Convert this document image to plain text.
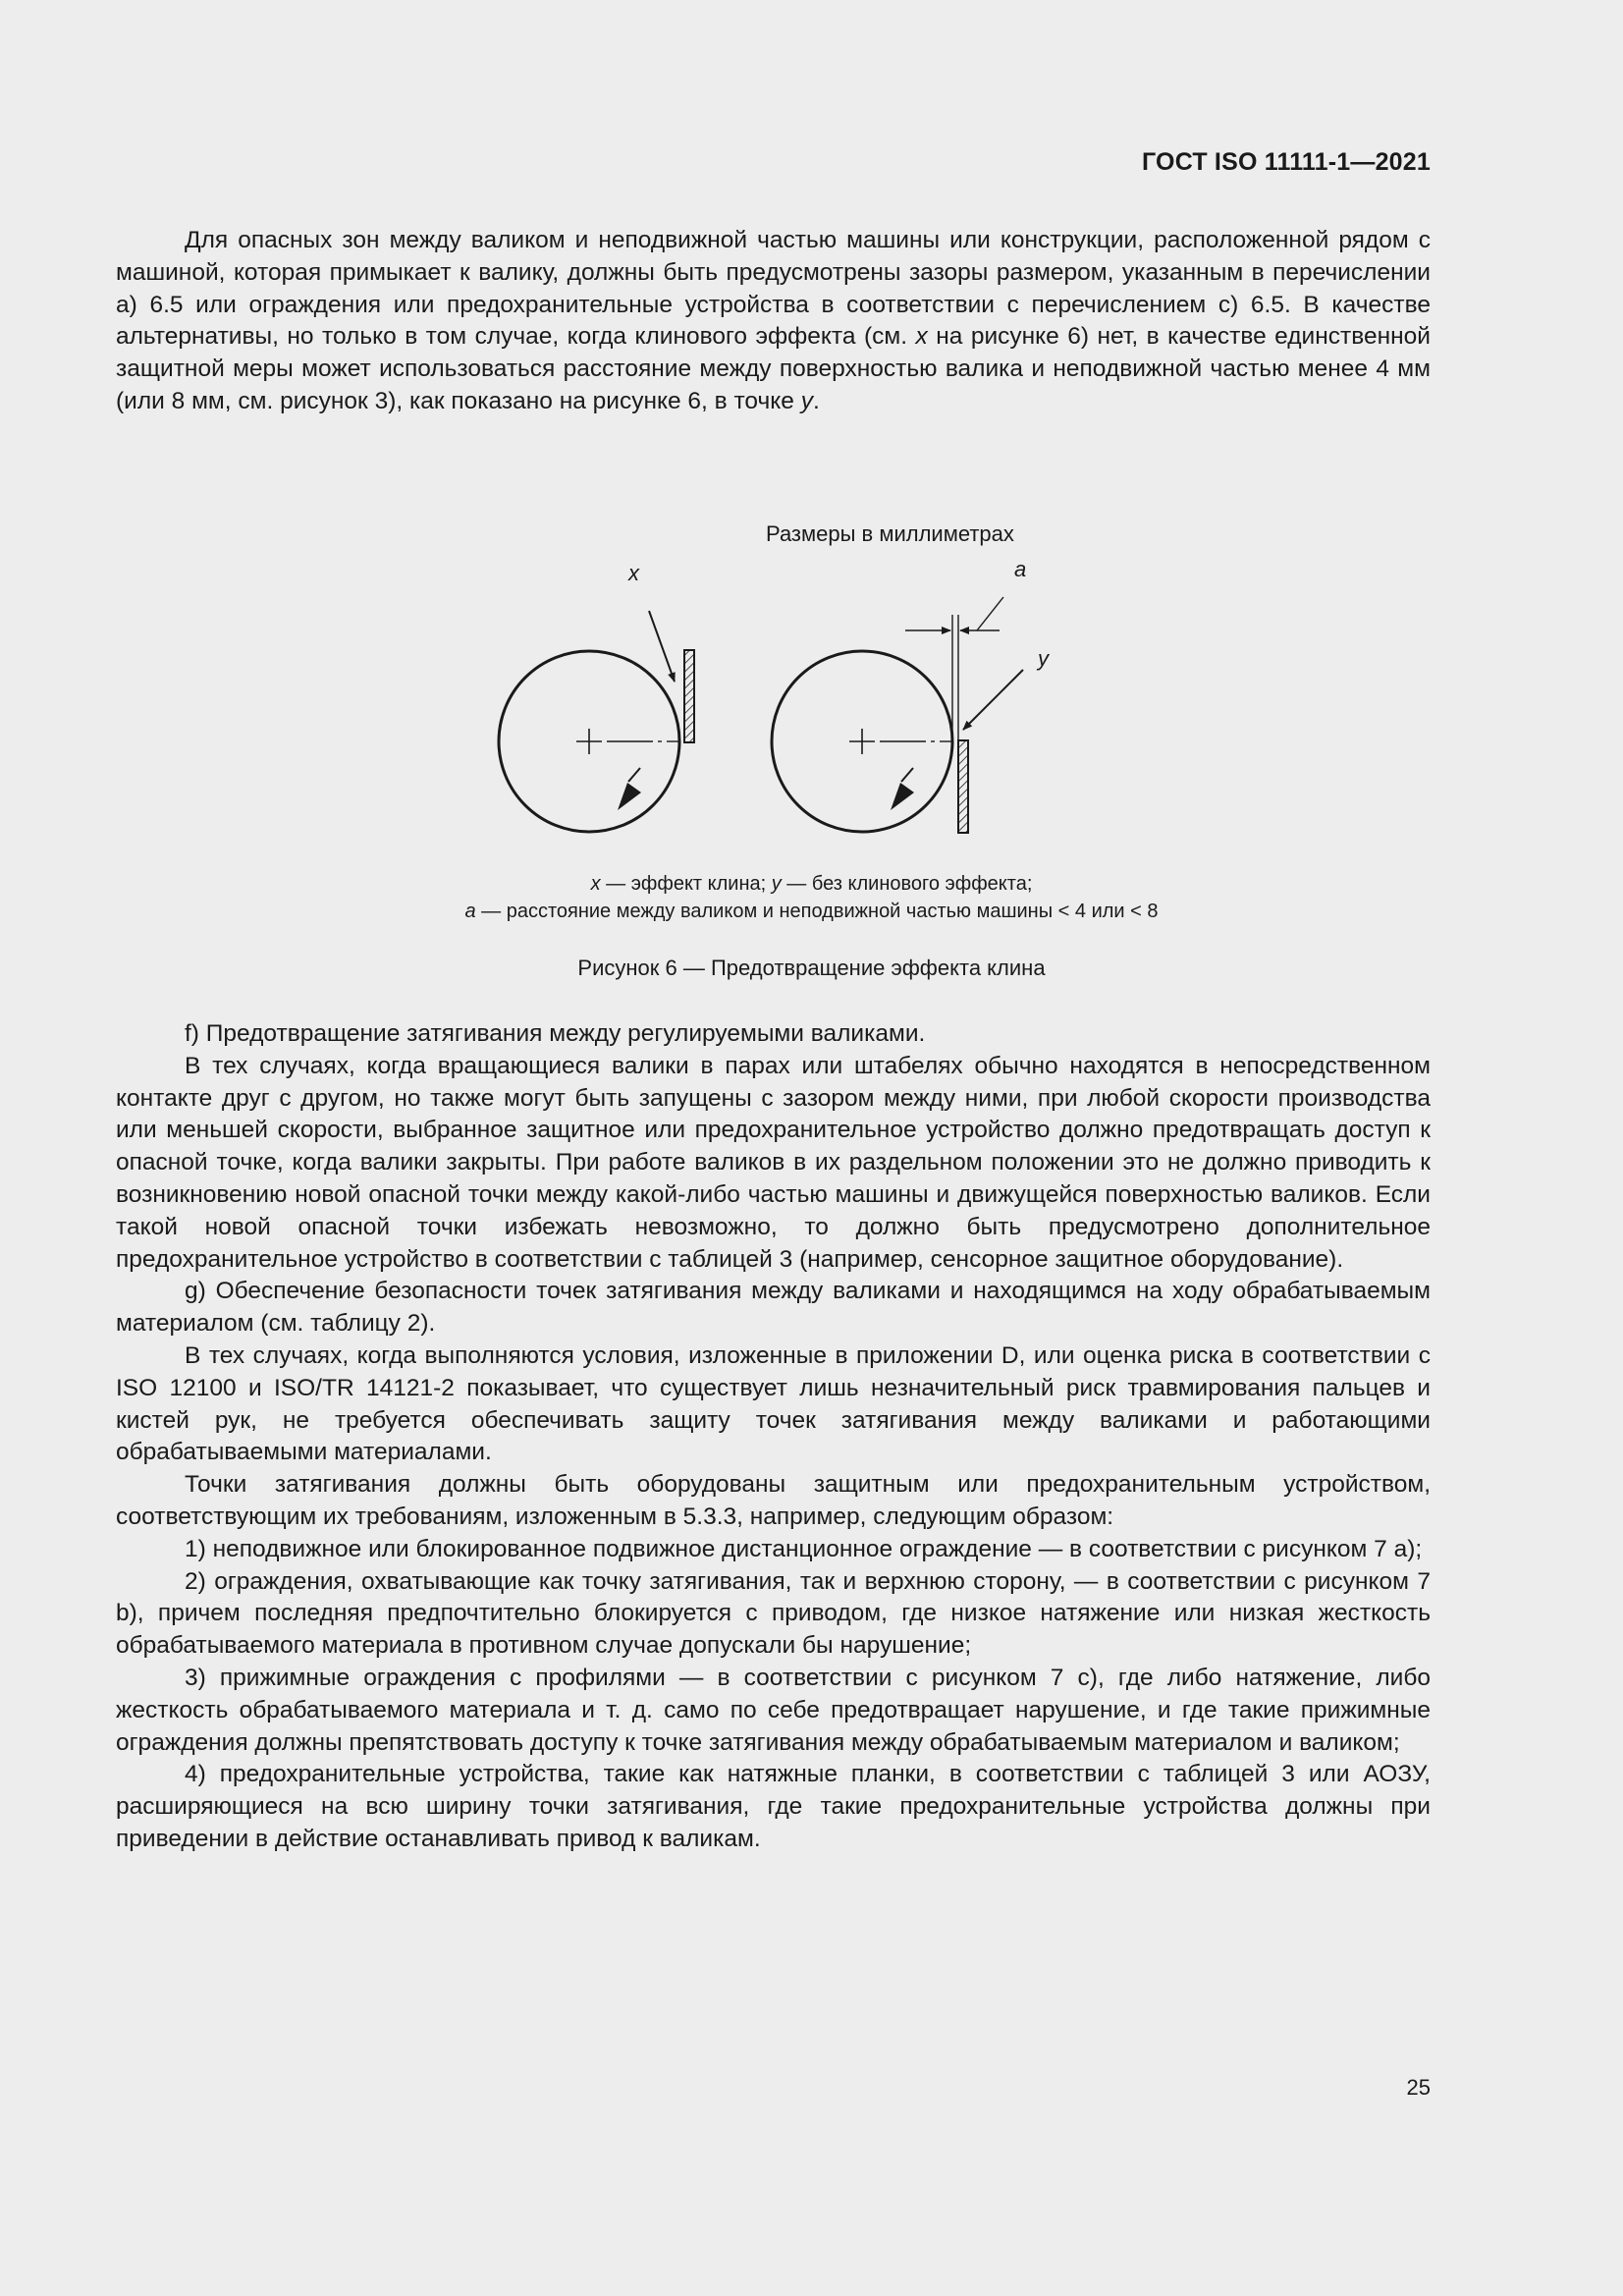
ГОСТ ISO 11111-1—2021

Для опасных зон между валиком и неподвижной частью машины или конструкции, расположенной рядом с машиной, которая примыкает к валику, должны быть предусмотрены зазоры размером, указанным в перечислении а) 6.5 или ограждения или предохранительные устройства в соответствии с перечислением с) 6.5. В качестве альтернативы, но только в том случае, когда клинового эффекта (см. x на рисунке 6) нет, в качестве единственной защитной меры может использоваться расстояние между поверхностью валика и неподвижной частью менее 4 мм (или 8 мм, см. рисунок 3), как показано на рисунке 6, в точке y.

Размеры в миллиметрах
x	a
y
x — эффект клина; y — без клинового эффекта;
a — расстояние между валиком и неподвижной частью машины < 4 или < 8
Рисунок 6 — Предотвращение эффекта клина

f) Предотвращение затягивания между регулируемыми валиками.

В тех случаях, когда вращающиеся валики в парах или штабелях обычно находятся в непосредственном контакте друг с другом, но также могут быть запущены с зазором между ними, при любой скорости производства или меньшей скорости, выбранное защитное или предохранительное устройство должно предотвращать доступ к опасной точке, когда валики закрыты. При работе валиков в их раздельном положении это не должно приводить к возникновению новой опасной точки между какой-либо частью машины и движущейся поверхностью валиков. Если такой новой опасной точки избежать невозможно, то должно быть предусмотрено дополнительное предохранительное устройство в соответствии с таблицей 3 (например, сенсорное защитное оборудование).

g) Обеспечение безопасности точек затягивания между валиками и находящимся на ходу обрабатываемым материалом (см. таблицу 2).

В тех случаях, когда выполняются условия, изложенные в приложении D, или оценка риска в соответствии с ISO 12100 и ISO/TR 14121-2 показывает, что существует лишь незначительный риск травмирования пальцев и кистей рук, не требуется обеспечивать защиту точек затягивания между валиками и работающими обрабатываемыми материалами.

Точки затягивания должны быть оборудованы защитным или предохранительным устройством, соответствующим их требованиям, изложенным в 5.3.3, например, следующим образом:

1) неподвижное или блокированное подвижное дистанционное ограждение — в соответствии с рисунком 7 а);

2) ограждения, охватывающие как точку затягивания, так и верхнюю сторону, — в соответствии с рисунком 7 b), причем последняя предпочтительно блокируется с приводом, где низкое натяжение или низкая жесткость обрабатываемого материала в противном случае допускали бы нарушение;

3) прижимные ограждения с профилями — в соответствии с рисунком 7 с), где либо натяжение, либо жесткость обрабатываемого материала и т. д. само по себе предотвращает нарушение, и где такие прижимные ограждения должны препятствовать доступу к точке затягивания между обрабатываемым материалом и валиком;

4) предохранительные устройства, такие как натяжные планки, в соответствии с таблицей 3 или АОЗУ, расширяющиеся на всю ширину точки затягивания, где такие предохранительные устройства должны при приведении в действие останавливать привод к валикам.

25
